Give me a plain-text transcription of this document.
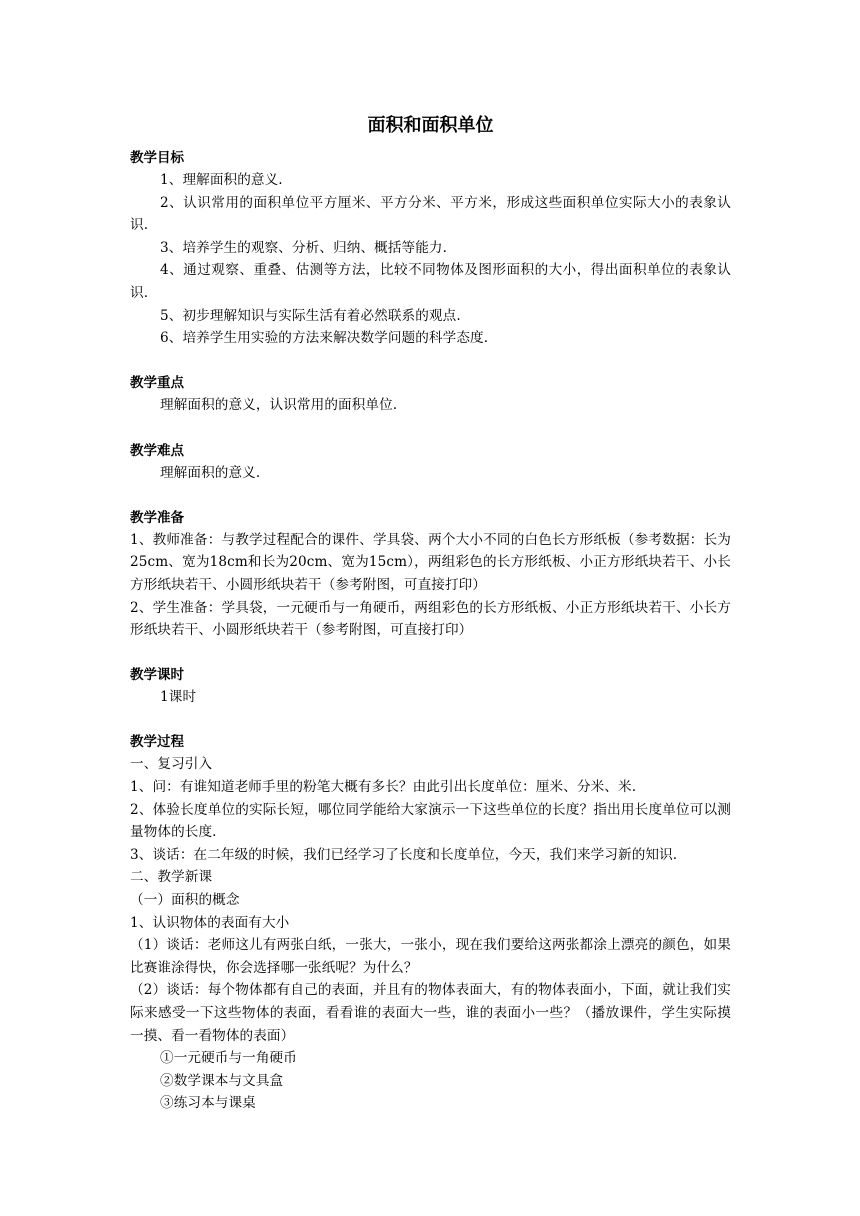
面积和面积单位
教学目标
1、理解面积的意义.
2、认识常用的面积单位平方厘米、平方分米、平方米，形成这些面积单位实际大小的表象认识.
3、培养学生的观察、分析、归纳、概括等能力.
4、通过观察、重叠、估测等方法，比较不同物体及图形面积的大小，得出面积单位的表象认识.
5、初步理解知识与实际生活有着必然联系的观点.
6、培养学生用实验的方法来解决数学问题的科学态度.
教学重点
理解面积的意义，认识常用的面积单位.
教学难点
理解面积的意义.
教学准备
1、教师准备：与教学过程配合的课件、学具袋、两个大小不同的白色长方形纸板（参考数据：长为25cm、宽为18cm和长为20cm、宽为15cm），两组彩色的长方形纸板、小正方形纸块若干、小长方形纸块若干、小圆形纸块若干（参考附图，可直接打印）
2、学生准备：学具袋，一元硬币与一角硬币，两组彩色的长方形纸板、小正方形纸块若干、小长方形纸块若干、小圆形纸块若干（参考附图，可直接打印）
教学课时
1课时
教学过程
一、复习引入
1、问：有谁知道老师手里的粉笔大概有多长？由此引出长度单位：厘米、分米、米.
2、体验长度单位的实际长短，哪位同学能给大家演示一下这些单位的长度？指出用长度单位可以测量物体的长度.
3、谈话：在二年级的时候，我们已经学习了长度和长度单位，今天，我们来学习新的知识.
二、教学新课
（一）面积的概念
1、认识物体的表面有大小
（1）谈话：老师这儿有两张白纸，一张大，一张小，现在我们要给这两张都涂上漂亮的颜色，如果比赛谁涂得快，你会选择哪一张纸呢？为什么？
（2）谈话：每个物体都有自己的表面，并且有的物体表面大，有的物体表面小，下面，就让我们实际来感受一下这些物体的表面，看看谁的表面大一些，谁的表面小一些？（播放课件，学生实际摸一摸、看一看物体的表面）
①一元硬币与一角硬币
②数学课本与文具盒
③练习本与课桌
